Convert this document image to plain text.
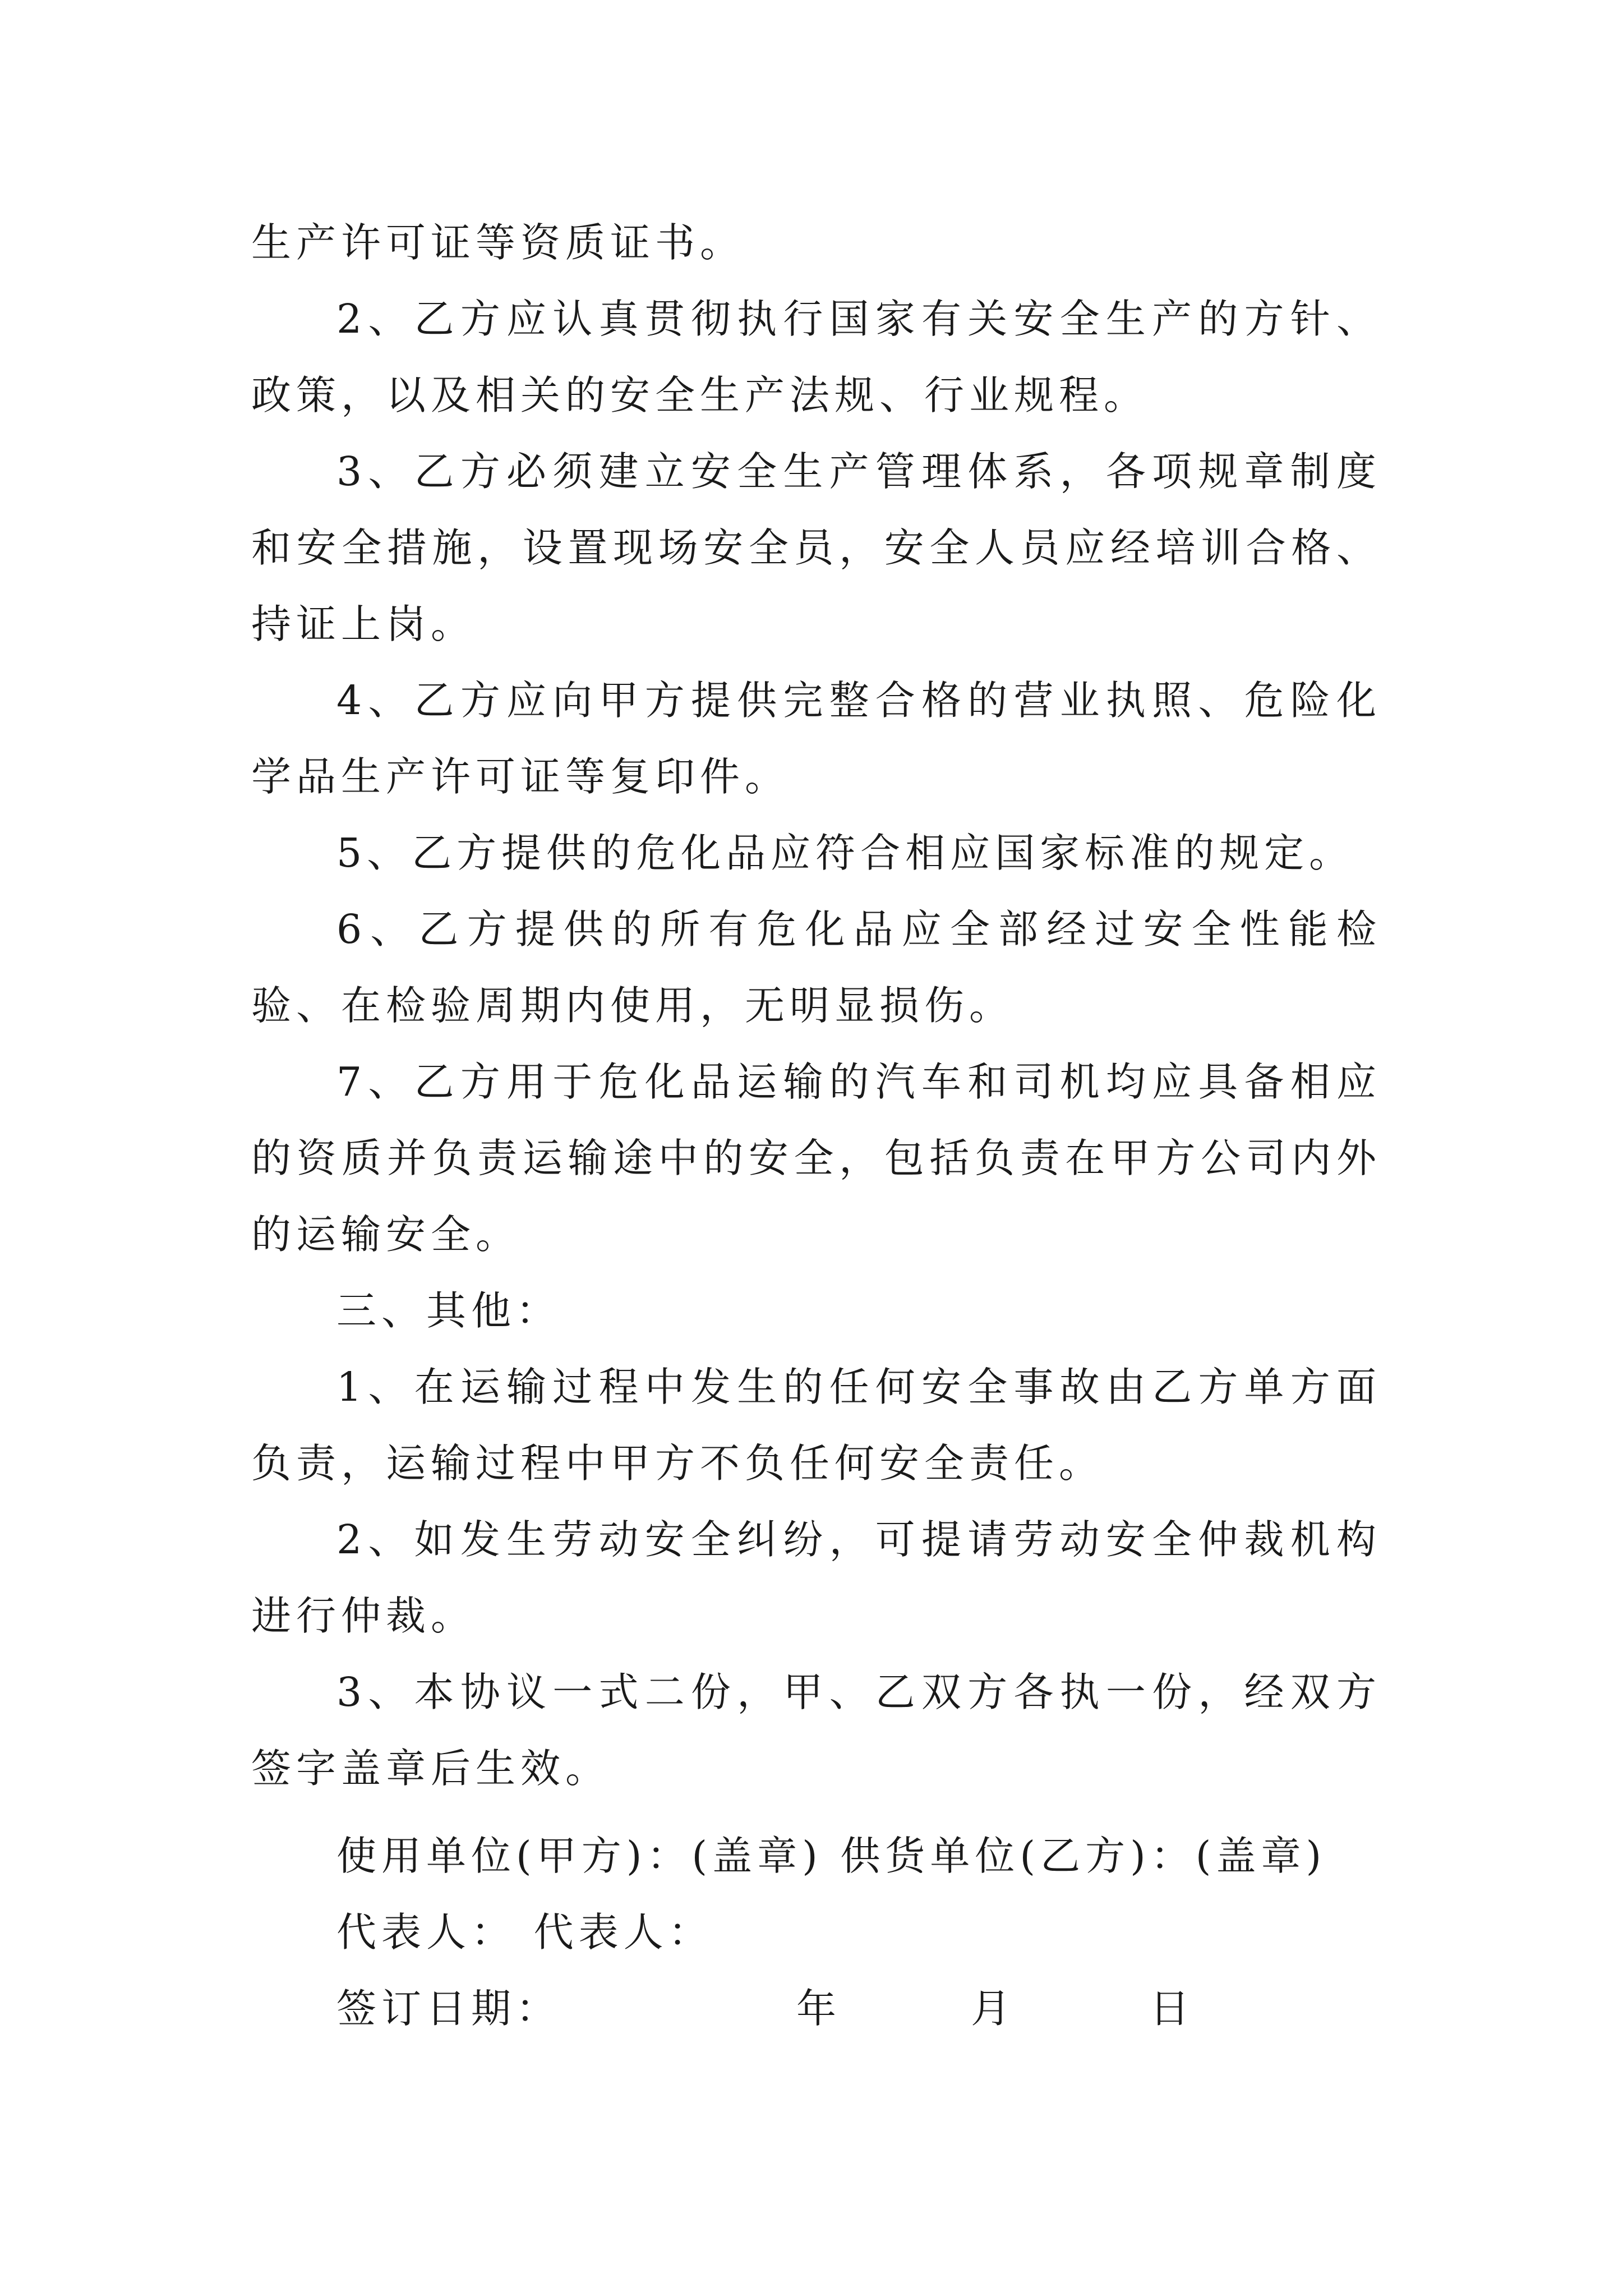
生产许可证等资质证书。

2、乙方应认真贯彻执行国家有关安全生产的方针、政策，以及相关的安全生产法规、行业规程。

3、乙方必须建立安全生产管理体系，各项规章制度和安全措施，设置现场安全员，安全人员应经培训合格、持证上岗。

4、乙方应向甲方提供完整合格的营业执照、危险化学品生产许可证等复印件。

5、乙方提供的危化品应符合相应国家标准的规定。

6、乙方提供的所有危化品应全部经过安全性能检验、在检验周期内使用，无明显损伤。

7、乙方用于危化品运输的汽车和司机均应具备相应的资质并负责运输途中的安全，包括负责在甲方公司内外的运输安全。

三、其他：

1、在运输过程中发生的任何安全事故由乙方单方面负责，运输过程中甲方不负任何安全责任。

2、如发生劳动安全纠纷，可提请劳动安全仲裁机构进行仲裁。

3、本协议一式二份，甲、乙双方各执一份，经双方签字盖章后生效。

使用单位(甲方)：(盖章) 供货单位(乙方)：(盖章)

代表人： 代表人：

签订日期：	年	月	日
